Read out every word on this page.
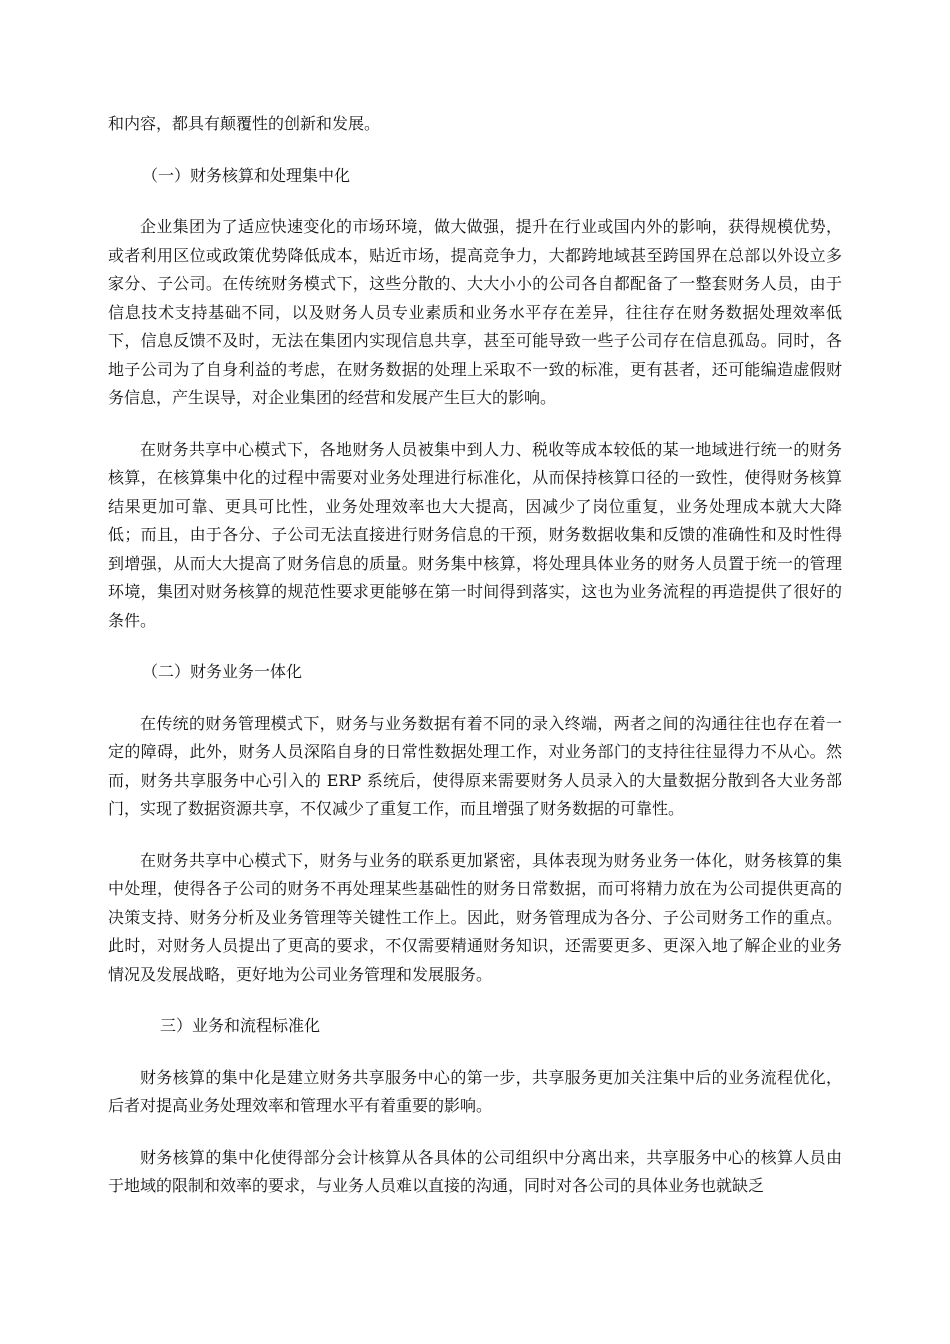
和内容，都具有颠覆性的创新和发展。

（一）财务核算和处理集中化

企业集团为了适应快速变化的市场环境，做大做强，提升在行业或国内外的影响，获得规模优势，或者利用区位或政策优势降低成本，贴近市场，提高竞争力，大都跨地域甚至跨国界在总部以外设立多家分、子公司。在传统财务模式下，这些分散的、大大小小的公司各自都配备了一整套财务人员，由于信息技术支持基础不同，以及财务人员专业素质和业务水平存在差异，往往存在财务数据处理效率低下，信息反馈不及时，无法在集团内实现信息共享，甚至可能导致一些子公司存在信息孤岛。同时，各地子公司为了自身利益的考虑，在财务数据的处理上采取不一致的标准，更有甚者，还可能编造虚假财务信息，产生误导，对企业集团的经营和发展产生巨大的影响。

在财务共享中心模式下，各地财务人员被集中到人力、税收等成本较低的某一地域进行统一的财务核算，在核算集中化的过程中需要对业务处理进行标准化，从而保持核算口径的一致性，使得财务核算结果更加可靠、更具可比性，业务处理效率也大大提高，因减少了岗位重复，业务处理成本就大大降低；而且，由于各分、子公司无法直接进行财务信息的干预，财务数据收集和反馈的准确性和及时性得到增强，从而大大提高了财务信息的质量。财务集中核算，将处理具体业务的财务人员置于统一的管理环境，集团对财务核算的规范性要求更能够在第一时间得到落实，这也为业务流程的再造提供了很好的条件。

（二）财务业务一体化

在传统的财务管理模式下，财务与业务数据有着不同的录入终端，两者之间的沟通往往也存在着一定的障碍，此外，财务人员深陷自身的日常性数据处理工作，对业务部门的支持往往显得力不从心。然而，财务共享服务中心引入的 ERP 系统后，使得原来需要财务人员录入的大量数据分散到各大业务部门，实现了数据资源共享，不仅减少了重复工作，而且增强了财务数据的可靠性。

在财务共享中心模式下，财务与业务的联系更加紧密，具体表现为财务业务一体化，财务核算的集中处理，使得各子公司的财务不再处理某些基础性的财务日常数据，而可将精力放在为公司提供更高的决策支持、财务分析及业务管理等关键性工作上。因此，财务管理成为各分、子公司财务工作的重点。此时，对财务人员提出了更高的要求，不仅需要精通财务知识，还需要更多、更深入地了解企业的业务情况及发展战略，更好地为公司业务管理和发展服务。

三）业务和流程标准化

财务核算的集中化是建立财务共享服务中心的第一步，共享服务更加关注集中后的业务流程优化，后者对提高业务处理效率和管理水平有着重要的影响。

财务核算的集中化使得部分会计核算从各具体的公司组织中分离出来，共享服务中心的核算人员由于地域的限制和效率的要求，与业务人员难以直接的沟通，同时对各公司的具体业务也就缺乏
